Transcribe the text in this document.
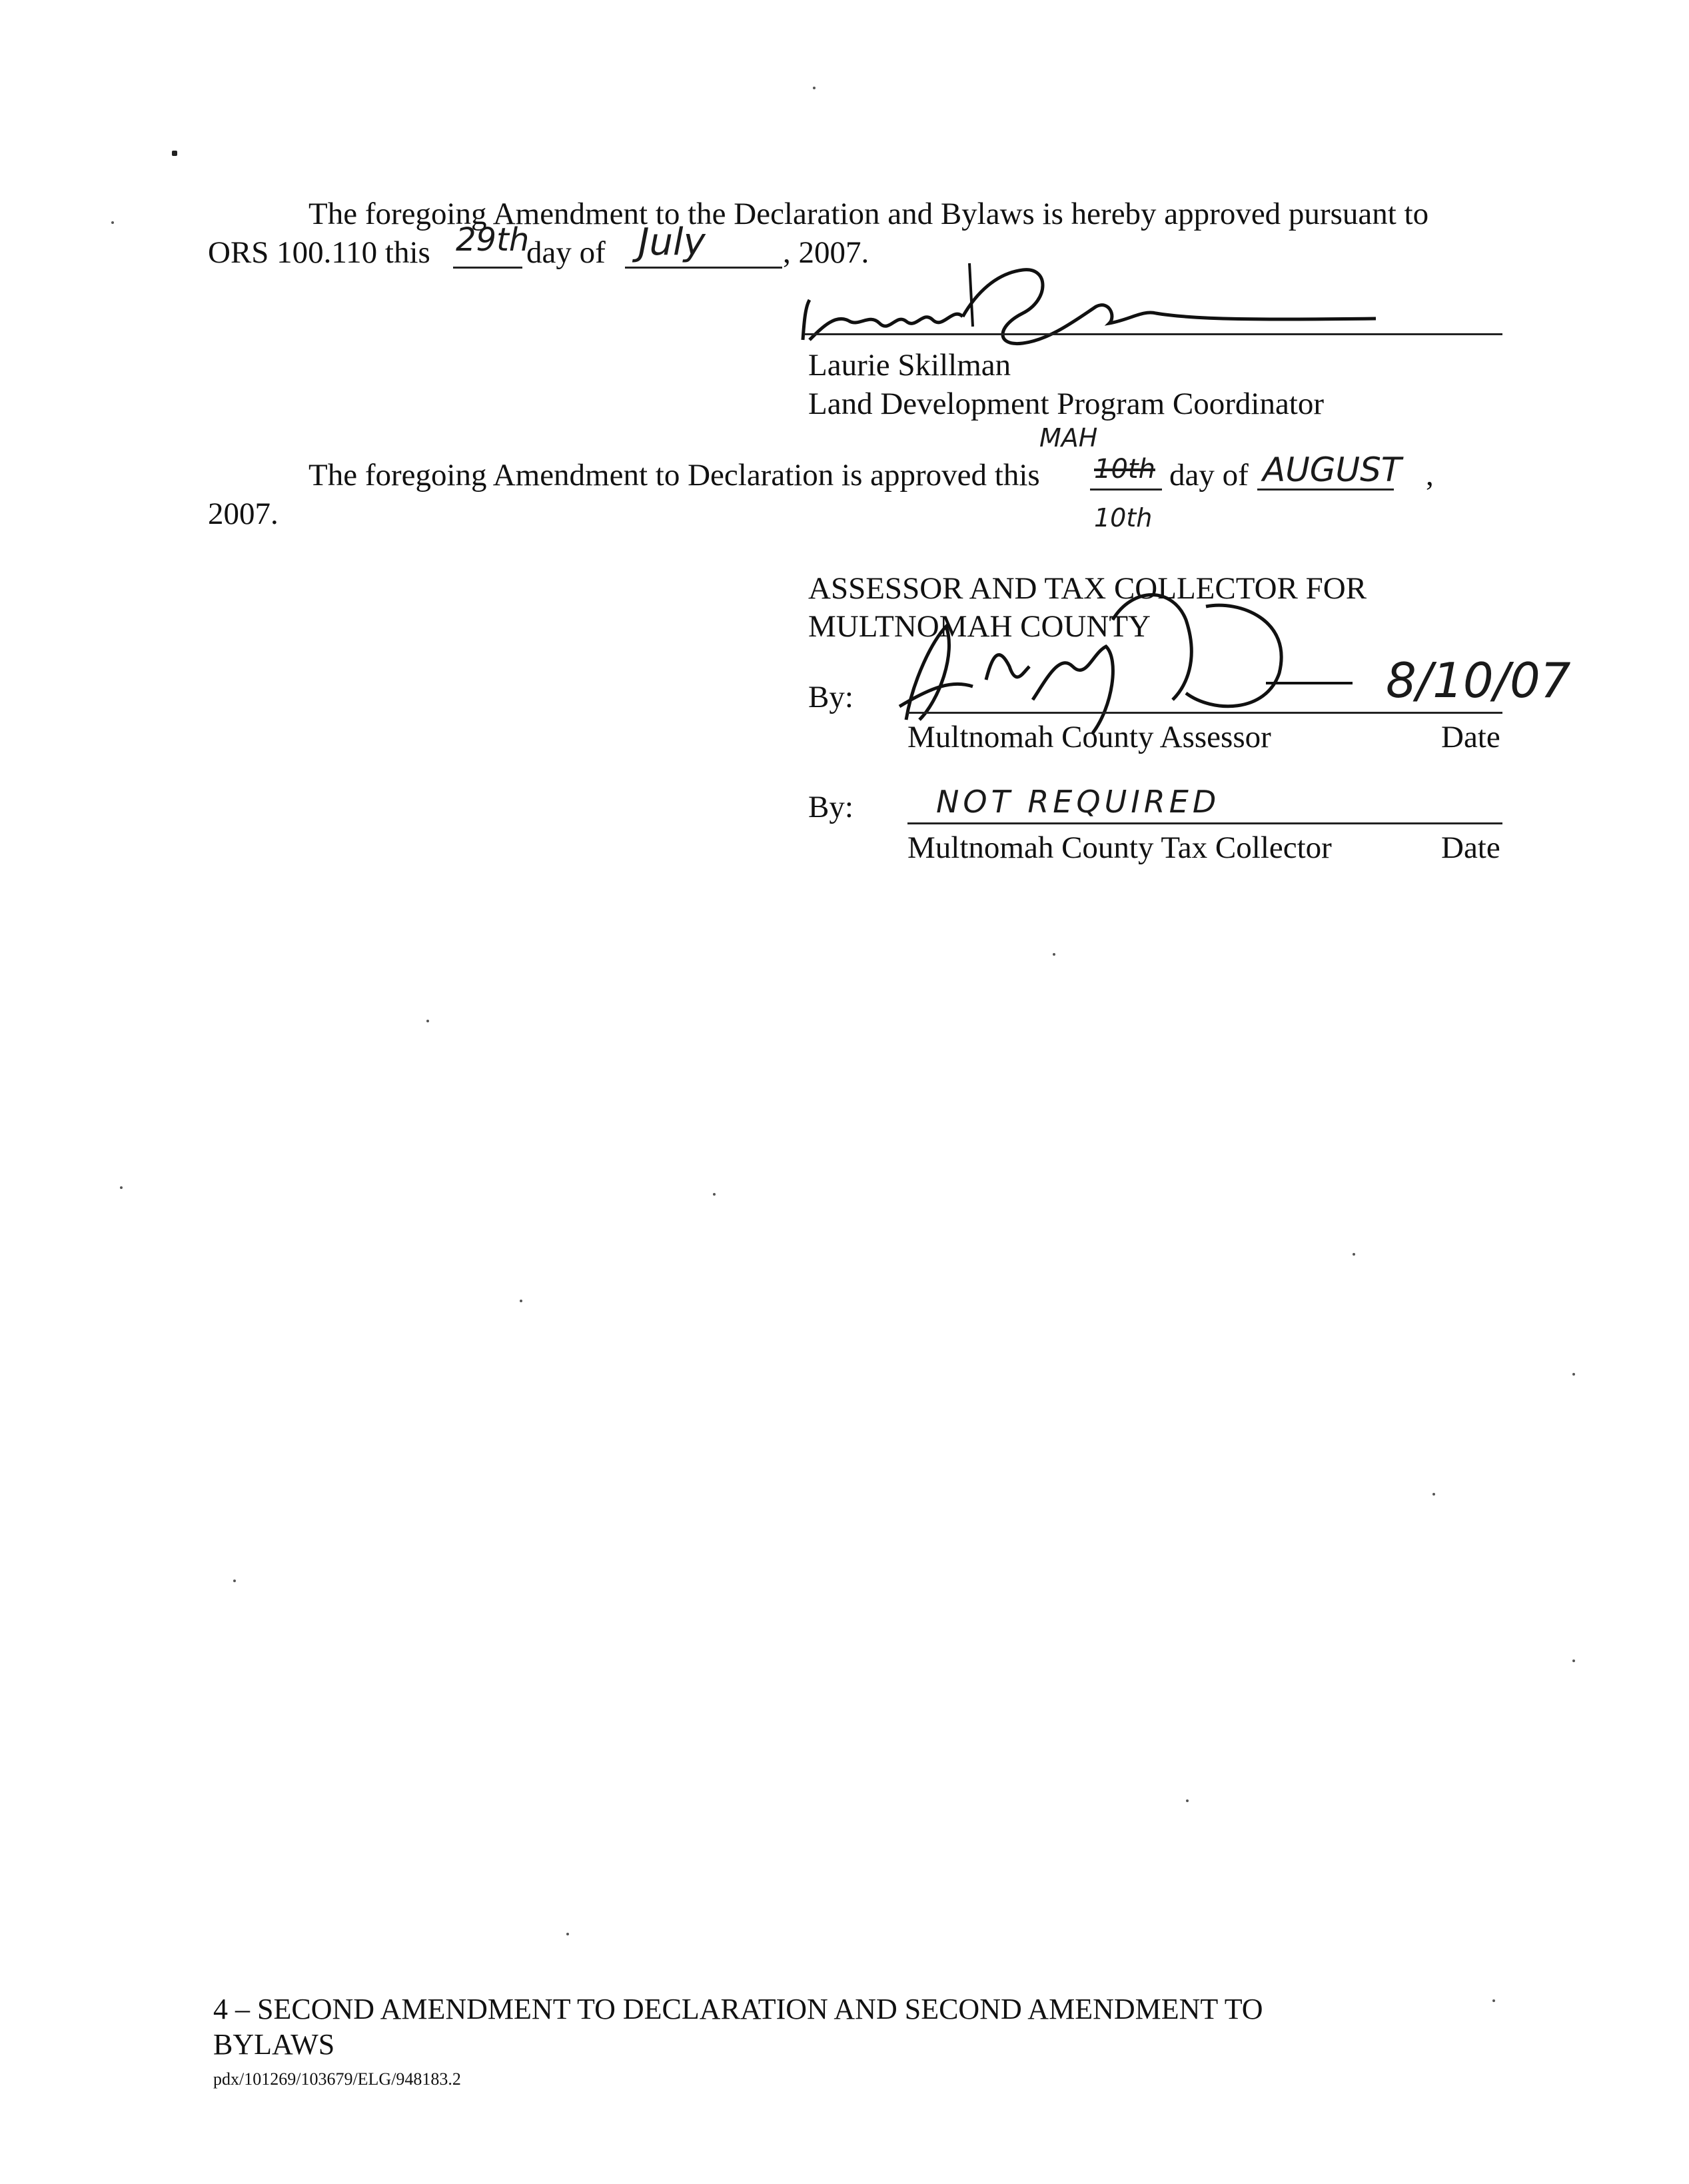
The foregoing Amendment to the Declaration and Bylaws is hereby approved pursuant to
ORS 100.110 this 29th
day of July , 2007.
Laurie Skillman
Land Development Program Coordinator
The foregoing Amendment to Declaration is approved this
MAH
10th
10th
day of AUGUST ,
2007.
ASSESSOR AND TAX COLLECTOR FOR
MULTNOMAH COUNTY
By:	8/10/07
Multnomah County Assessor	Date
By:	NOT REQUIRED
Multnomah County Tax Collector	Date
4 – SECOND AMENDMENT TO DECLARATION AND SECOND AMENDMENT TO
BYLAWS
pdx/101269/103679/ELG/948183.2
